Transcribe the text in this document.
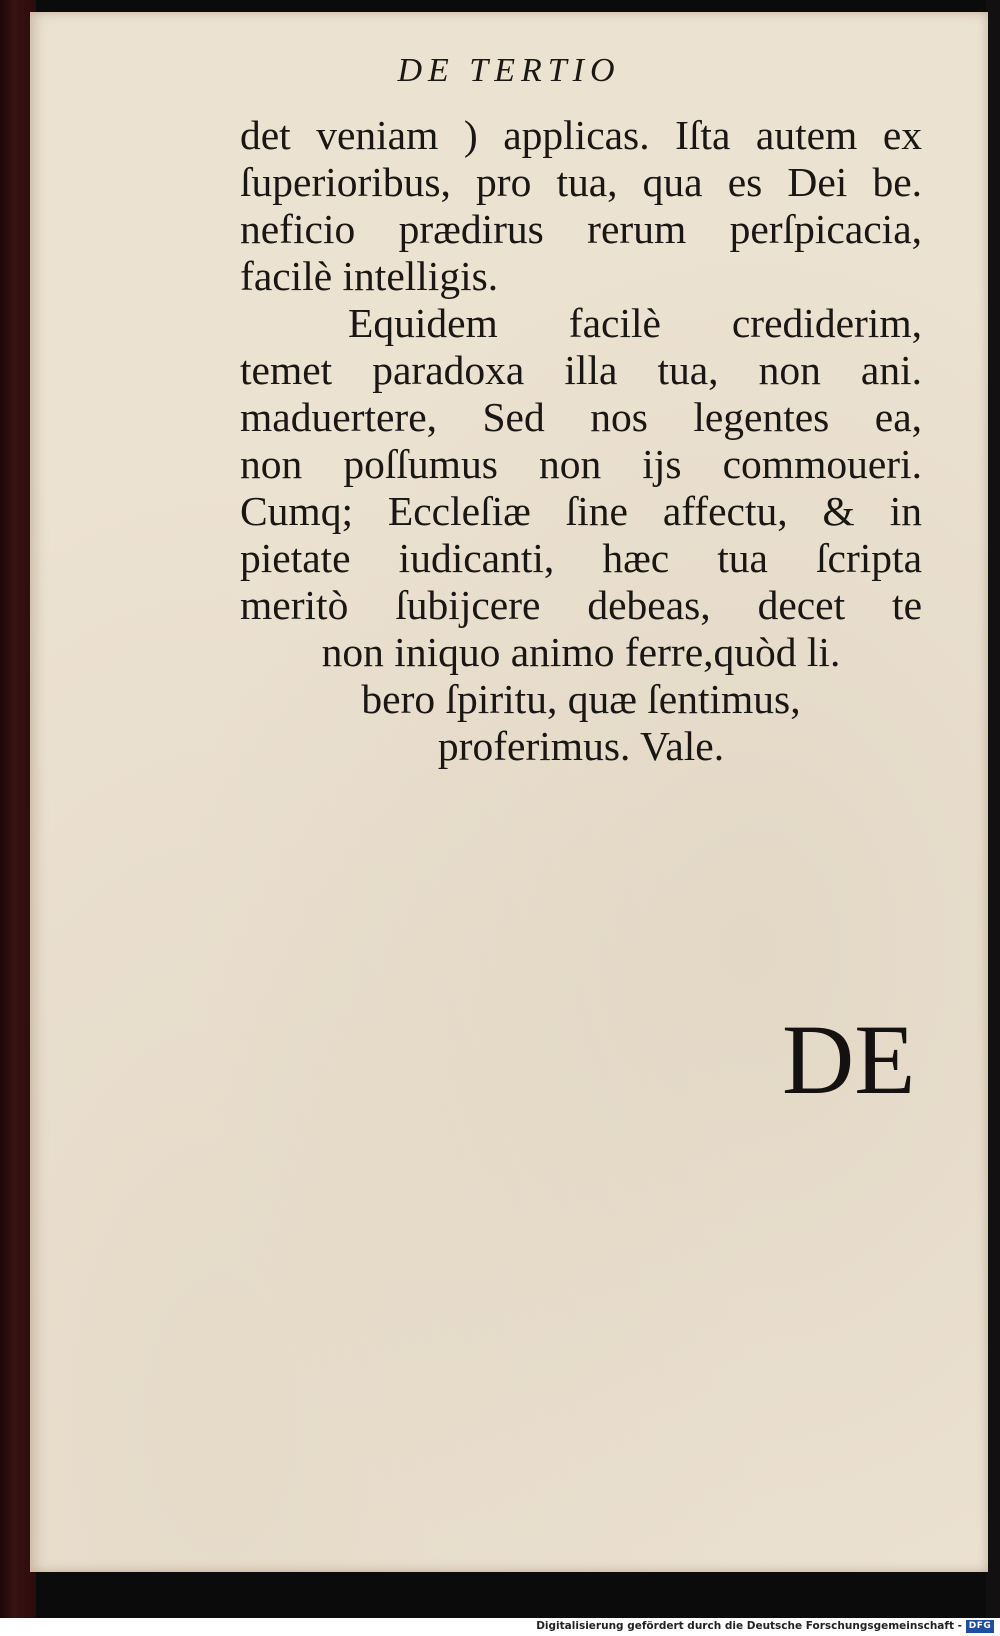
DE TERTIO
det veniam ) applicas. Iſta autem ex
ſuperioribus, pro tua, qua es Dei be.
neficio prædirus rerum perſpicacia,
facilè intelligis.
Equidem facilè crediderim,
temet paradoxa illa tua, non ani.
maduertere, Sed nos legentes ea,
non poſſumus non ijs commoueri.
Cumq; Eccleſiæ ſine affectu, & in
pietate iudicanti, hæc tua ſcripta
meritò ſubijcere debeas, decet te
non iniquo animo ferre,quòd li.
bero ſpiritu, quæ ſentimus,
proferimus. Vale.
DE
Digitalisierung gefördert durch die Deutsche Forschungsgemeinschaft - DFG
